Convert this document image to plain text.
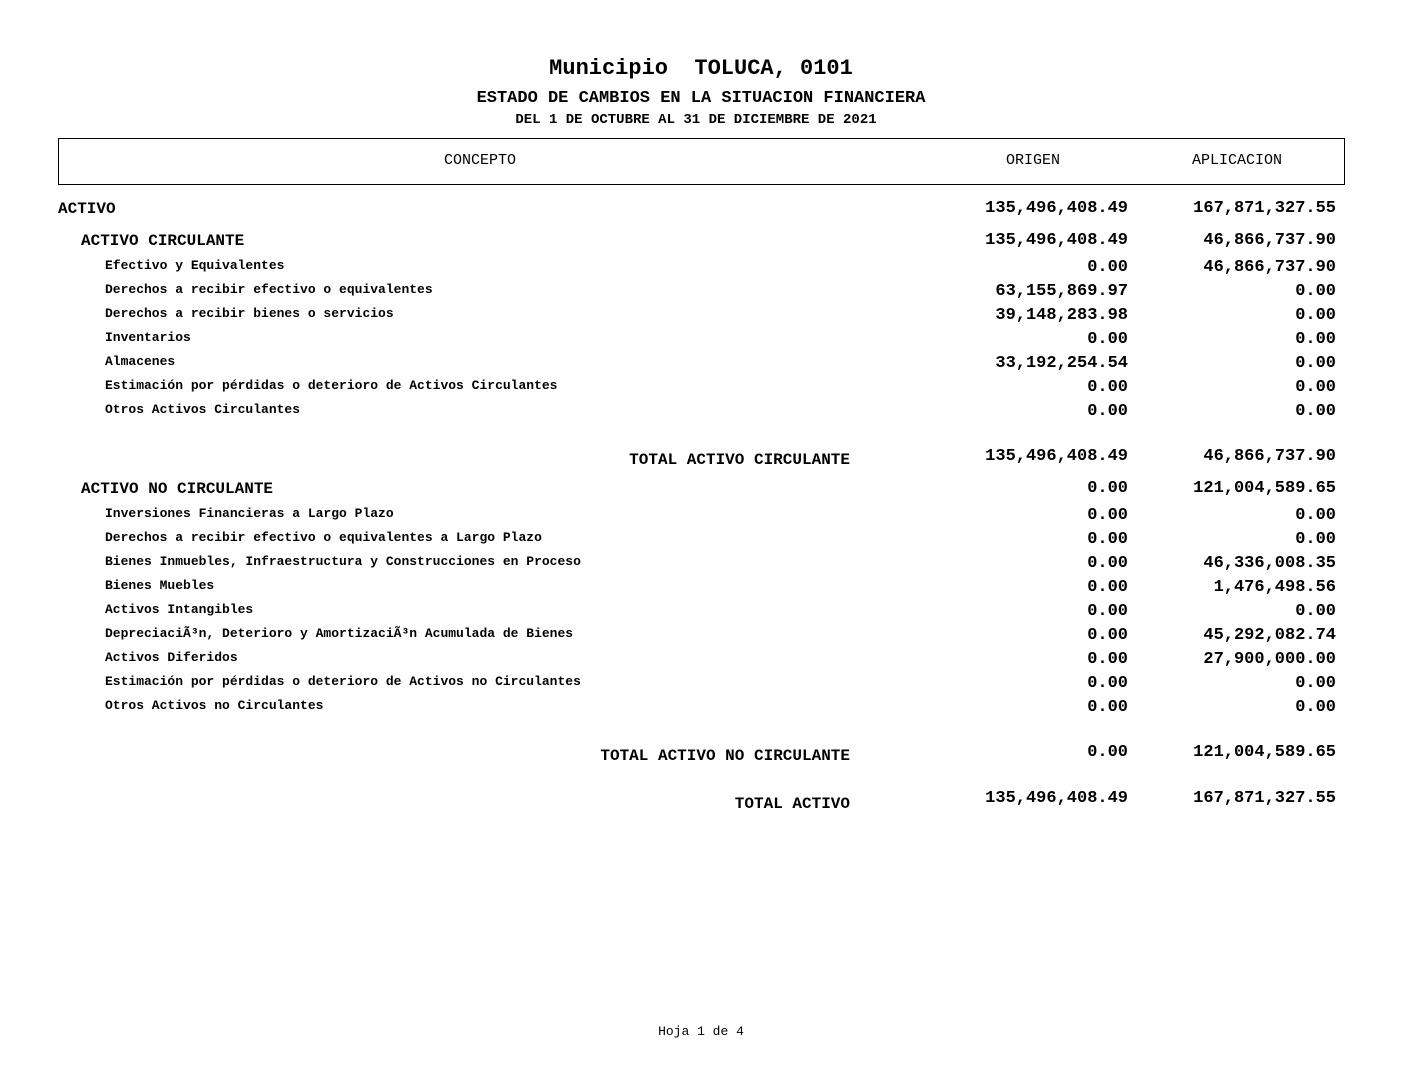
Municipio  TOLUCA, 0101
ESTADO DE CAMBIOS EN LA SITUACION FINANCIERA
DEL 1 DE OCTUBRE AL 31 DE DICIEMBRE DE 2021
CONCEPTO	ORIGEN	APLICACION
ACTIVO	135,496,408.49	167,871,327.55
ACTIVO CIRCULANTE	135,496,408.49	46,866,737.90
Efectivo y Equivalentes	0.00	46,866,737.90
Derechos a recibir efectivo o equivalentes	63,155,869.97	0.00
Derechos a recibir bienes o servicios	39,148,283.98	0.00
Inventarios	0.00	0.00
Almacenes	33,192,254.54	0.00
Estimación por pérdidas o deterioro de Activos Circulantes	0.00	0.00
Otros Activos Circulantes	0.00	0.00
TOTAL ACTIVO CIRCULANTE	135,496,408.49	46,866,737.90
ACTIVO NO CIRCULANTE	0.00	121,004,589.65
Inversiones Financieras a Largo Plazo	0.00	0.00
Derechos a recibir efectivo o equivalentes a Largo Plazo	0.00	0.00
Bienes Inmuebles, Infraestructura y Construcciones en Proceso	0.00	46,336,008.35
Bienes Muebles	0.00	1,476,498.56
Activos Intangibles	0.00	0.00
DepreciaciÃ³n, Deterioro y AmortizaciÃ³n Acumulada de Bienes	0.00	45,292,082.74
Activos Diferidos	0.00	27,900,000.00
Estimación por pérdidas o deterioro de Activos no Circulantes	0.00	0.00
Otros Activos no Circulantes	0.00	0.00
TOTAL ACTIVO NO CIRCULANTE	0.00	121,004,589.65
TOTAL ACTIVO	135,496,408.49	167,871,327.55
Hoja 1 de 4
